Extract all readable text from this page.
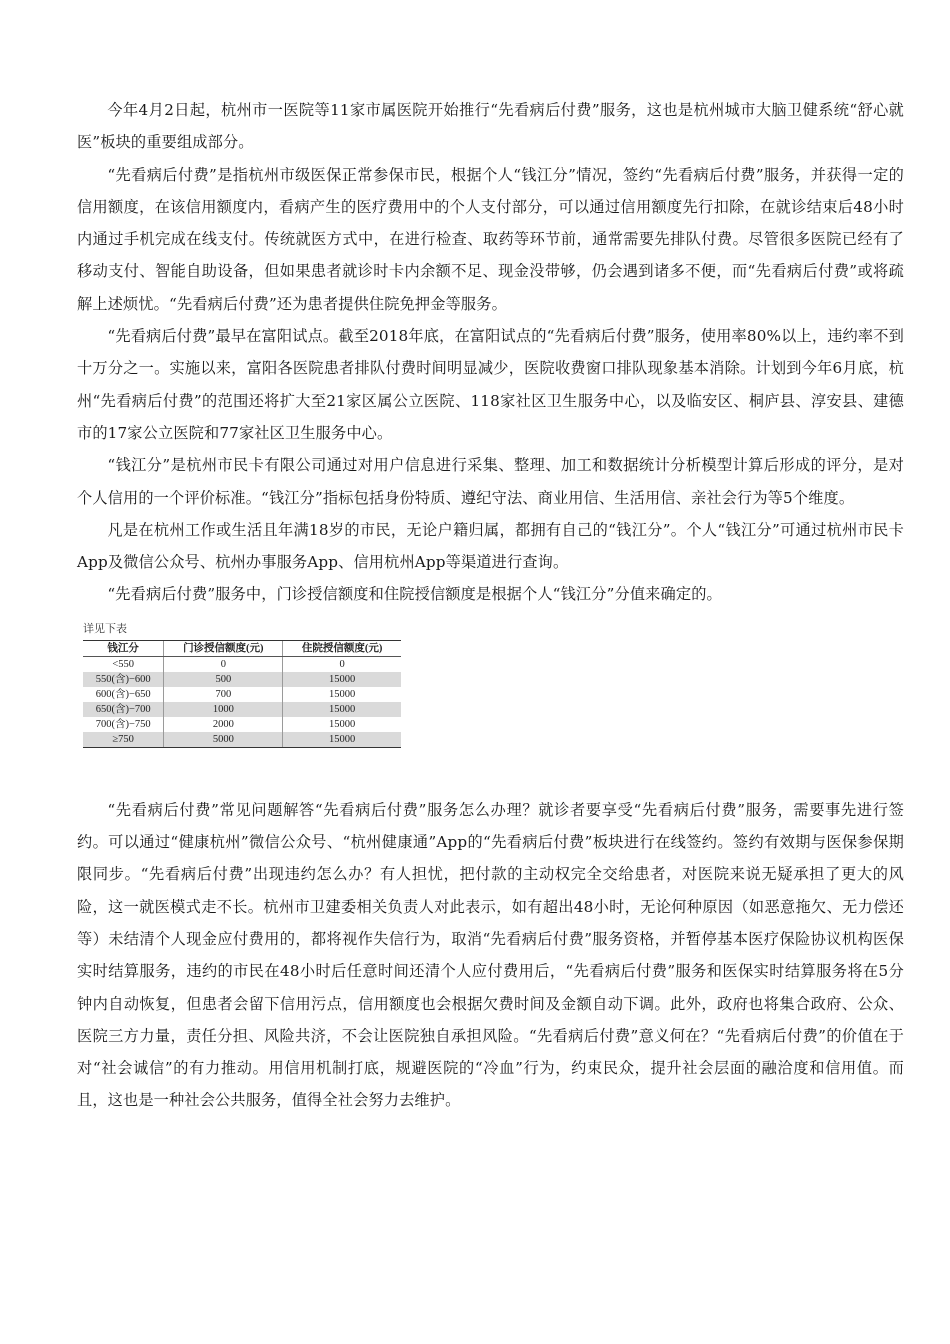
今年4月2日起，杭州市一医院等11家市属医院开始推行“先看病后付费”服务，这也是杭州城市大脑卫健系统“舒心就医”板块的重要组成部分。

“先看病后付费”是指杭州市级医保正常参保市民，根据个人“钱江分”情况，签约“先看病后付费”服务，并获得一定的信用额度，在该信用额度内，看病产生的医疗费用中的个人支付部分，可以通过信用额度先行扣除，在就诊结束后48小时内通过手机完成在线支付。传统就医方式中，在进行检查、取药等环节前，通常需要先排队付费。尽管很多医院已经有了移动支付、智能自助设备，但如果患者就诊时卡内余额不足、现金没带够，仍会遇到诸多不便，而“先看病后付费”或将疏解上述烦忧。“先看病后付费”还为患者提供住院免押金等服务。

“先看病后付费”最早在富阳试点。截至2018年底，在富阳试点的“先看病后付费”服务，使用率80%以上，违约率不到十万分之一。实施以来，富阳各医院患者排队付费时间明显减少，医院收费窗口排队现象基本消除。计划到今年6月底，杭州“先看病后付费”的范围还将扩大至21家区属公立医院、118家社区卫生服务中心，以及临安区、桐庐县、淳安县、建德市的17家公立医院和77家社区卫生服务中心。

“钱江分”是杭州市民卡有限公司通过对用户信息进行采集、整理、加工和数据统计分析模型计算后形成的评分，是对个人信用的一个评价标准。“钱江分”指标包括身份特质、遵纪守法、商业用信、生活用信、亲社会行为等5个维度。

凡是在杭州工作或生活且年满18岁的市民，无论户籍归属，都拥有自己的“钱江分”。个人“钱江分”可通过杭州市民卡App及微信公众号、杭州办事服务App、信用杭州App等渠道进行查询。

“先看病后付费”服务中，门诊授信额度和住院授信额度是根据个人“钱江分”分值来确定的。

详见下表
钱江分	门诊授信额度(元)	住院授信额度(元)
<550	0	0
550(含)−600	500	15000
600(含)−650	700	15000
650(含)−700	1000	15000
700(含)−750	2000	15000
≥750	5000	15000

“先看病后付费”常见问题解答“先看病后付费”服务怎么办理？就诊者要享受“先看病后付费”服务，需要事先进行签约。可以通过“健康杭州”微信公众号、“杭州健康通”App的“先看病后付费”板块进行在线签约。签约有效期与医保参保期限同步。“先看病后付费”出现违约怎么办？有人担忧，把付款的主动权完全交给患者，对医院来说无疑承担了更大的风险，这一就医模式走不长。杭州市卫建委相关负责人对此表示，如有超出48小时，无论何种原因（如恶意拖欠、无力偿还等）未结清个人现金应付费用的，都将视作失信行为，取消“先看病后付费”服务资格，并暂停基本医疗保险协议机构医保实时结算服务，违约的市民在48小时后任意时间还清个人应付费用后，“先看病后付费”服务和医保实时结算服务将在5分钟内自动恢复，但患者会留下信用污点，信用额度也会根据欠费时间及金额自动下调。此外，政府也将集合政府、公众、医院三方力量，责任分担、风险共济，不会让医院独自承担风险。“先看病后付费”意义何在？“先看病后付费”的价值在于对“社会诚信”的有力推动。用信用机制打底，规避医院的“冷血”行为，约束民众，提升社会层面的融洽度和信用值。而且，这也是一种社会公共服务，值得全社会努力去维护。
